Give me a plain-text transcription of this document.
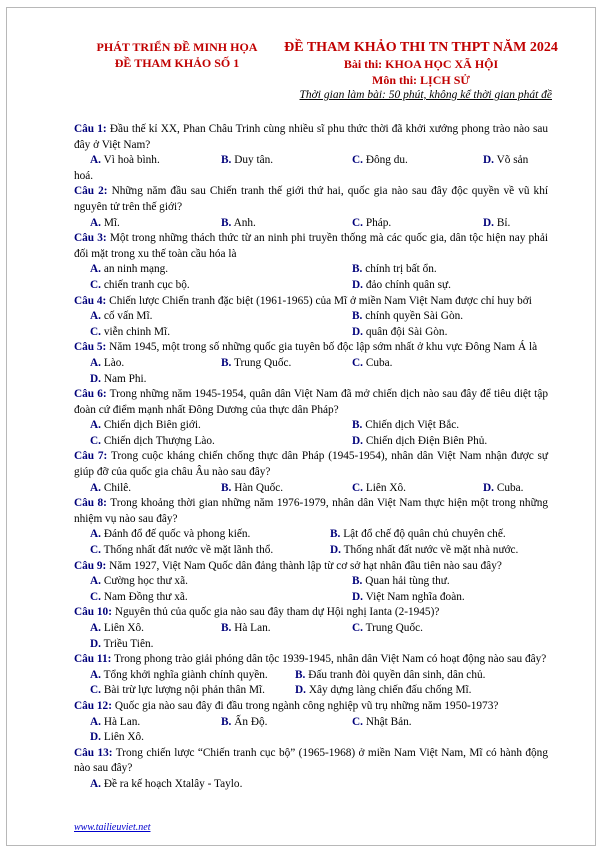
PHÁT TRIỂN ĐỀ MINH HỌA
ĐỀ THAM KHẢO SỐ 1
ĐỀ THAM KHẢO THI TN THPT NĂM 2024
Bài thi: KHOA HỌC XÃ HỘI
Môn thi: LỊCH SỬ
Thời gian làm bài: 50 phút, không kể thời gian phát đề

Câu 1: Đầu thế kỉ XX, Phan Châu Trinh cùng nhiều sĩ phu thức thời đã khởi xướng phong trào nào sau đây ở Việt Nam?

A. Vì hoà bình.	B. Duy tân.	C. Đông du.	D. Võ sản

hoá.

Câu 2: Những năm đầu sau Chiến tranh thế giới thứ hai, quốc gia nào sau đây độc quyền về vũ khí nguyên tử trên thế giới?

A. Mĩ.	B. Anh.	C. Pháp.	D. Bỉ.

Câu 3: Một trong những thách thức từ an ninh phi truyền thống mà các quốc gia, dân tộc hiện nay phải đối mặt trong xu thế toàn cầu hóa là

A. an ninh mạng.	B. chính trị bất ổn.
C. chiến tranh cục bộ.	D. đảo chính quân sự.

Câu 4: Chiến lược Chiến tranh đặc biệt (1961-1965) của Mĩ ở miền Nam Việt Nam được chỉ huy bởi

A. cố vấn Mĩ.	B. chính quyền Sài Gòn.
C. viễn chinh Mĩ.	D. quân đội Sài Gòn.

Câu 5: Năm 1945, một trong số những quốc gia tuyên bố độc lập sớm nhất ở khu vực Đông Nam Á là

A. Lào.	B. Trung Quốc.	C. Cuba.
D. Nam Phi.

Câu 6: Trong những năm 1945-1954, quân dân Việt Nam đã mở chiến dịch nào sau đây để tiêu diệt tập đoàn cứ điểm mạnh nhất Đông Dương của thực dân Pháp?

A. Chiến dịch Biên giới.	B. Chiến dịch Việt Bắc.
C. Chiến dịch Thượng Lào.	D. Chiến dịch Điện Biên Phủ.

Câu 7: Trong cuộc kháng chiến chống thực dân Pháp (1945-1954), nhân dân Việt Nam nhận được sự giúp đỡ của quốc gia châu Âu nào sau đây?

A. Chilê.	B. Hàn Quốc.	C. Liên Xô.	D. Cuba.

Câu 8: Trong khoảng thời gian những năm 1976-1979, nhân dân Việt Nam thực hiện một trong những nhiệm vụ nào sau đây?

A. Đánh đổ đế quốc và phong kiến.	B. Lật đổ chế độ quân chủ chuyên chế.
C. Thống nhất đất nước về mặt lãnh thổ.	D. Thống nhất đất nước về mặt nhà nước.

Câu 9: Năm 1927, Việt Nam Quốc dân đảng thành lập từ cơ sở hạt nhân đầu tiên nào sau đây?

A. Cường học thư xã.	B. Quan hải tùng thư.
C. Nam Đồng thư xã.	D. Việt Nam nghĩa đoàn.

Câu 10: Nguyên thủ của quốc gia nào sau đây tham dự Hội nghị Ianta (2-1945)?

A. Liên Xô.	B. Hà Lan.	C. Trung Quốc.
D. Triều Tiên.

Câu 11: Trong phong trào giải phóng dân tộc 1939-1945, nhân dân Việt Nam có hoạt động nào sau đây?

A. Tổng khởi nghĩa giành chính quyền.	B. Đấu tranh đòi quyền dân sinh, dân chủ.
C. Bài trừ lực lượng nội phản thân Mĩ.	D. Xây dựng làng chiến đấu chống Mĩ.

Câu 12: Quốc gia nào sau đây đi đầu trong ngành công nghiệp vũ trụ những năm 1950-1973?

A. Hà Lan.	B. Ấn Độ.	C. Nhật Bản.
D. Liên Xô.

Câu 13: Trong chiến lược “Chiến tranh cục bộ” (1965-1968) ở miền Nam Việt Nam, Mĩ có hành động nào sau đây?

A. Đề ra kế hoạch Xtalây - Taylo.
www.tailieuviet.net
